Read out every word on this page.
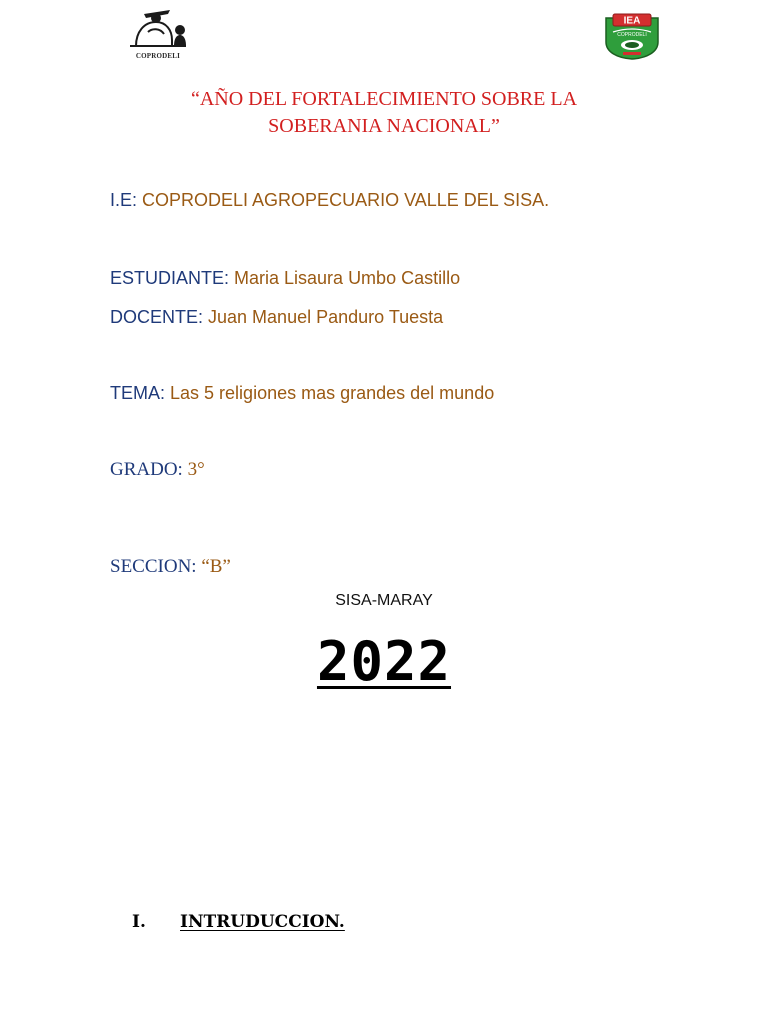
COPRODELI
IEA
COPRODELI
“AÑO DEL FORTALECIMIENTO SOBRE LA
SOBERANIA NACIONAL”
I.E: COPRODELI AGROPECUARIO VALLE DEL SISA.
ESTUDIANTE: Maria Lisaura Umbo Castillo
DOCENTE: Juan Manuel Panduro Tuesta
TEMA: Las 5 religiones mas grandes del mundo
GRADO: 3°
SECCION: “B”
SISA-MARAY
2022
I. INTRUDUCCION.
